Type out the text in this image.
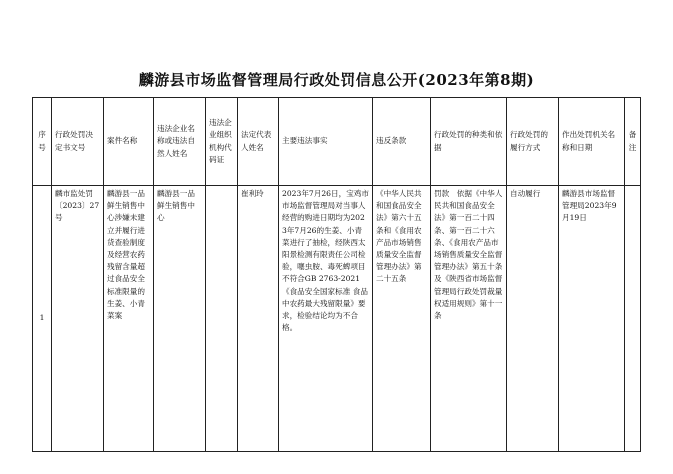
麟游县市场监督管理局行政处罚信息公开(2023年第8期)
序号	行政处罚决定书文号	案件名称	违法企业名称或违法自然人姓名	违法企业组织机构代码证	法定代表人姓名	主要违法事实	违反条款	行政处罚的种类和依据	行政处罚的履行方式	作出处罚机关名称和日期	备注
1	麟市监处罚〔2023〕27号	麟游县一品鲜生销售中心涉嫌未建立并履行进货查验制度及经营农药残留含量超过食品安全标准限量的生姜、小青菜案	麟游县一品鲜生销售中心		崔利玲	2023年7月26日，宝鸡市市场监督管理局对当事人经营的购进日期均为2023年7月26的生姜、小青菜进行了抽检，经陕西太阳景检测有限责任公司检验，噻虫胺、毒死蜱项目不符合GB 2763-2021《食品安全国家标准 食品中农药最大残留限量》要求，检验结论均为不合格。	《中华人民共和国食品安全法》第六十五条和《食用农产品市场销售质量安全监督管理办法》第二十五条	罚款　依据《中华人民共和国食品安全法》第一百二十四条、第一百二十六条、《食用农产品市场销售质量安全监督管理办法》第五十条及《陕西省市场监督管理局行政处罚裁量权适用规则》第十一条	自动履行	麟游县市场监督管理局2023年9月19日	
